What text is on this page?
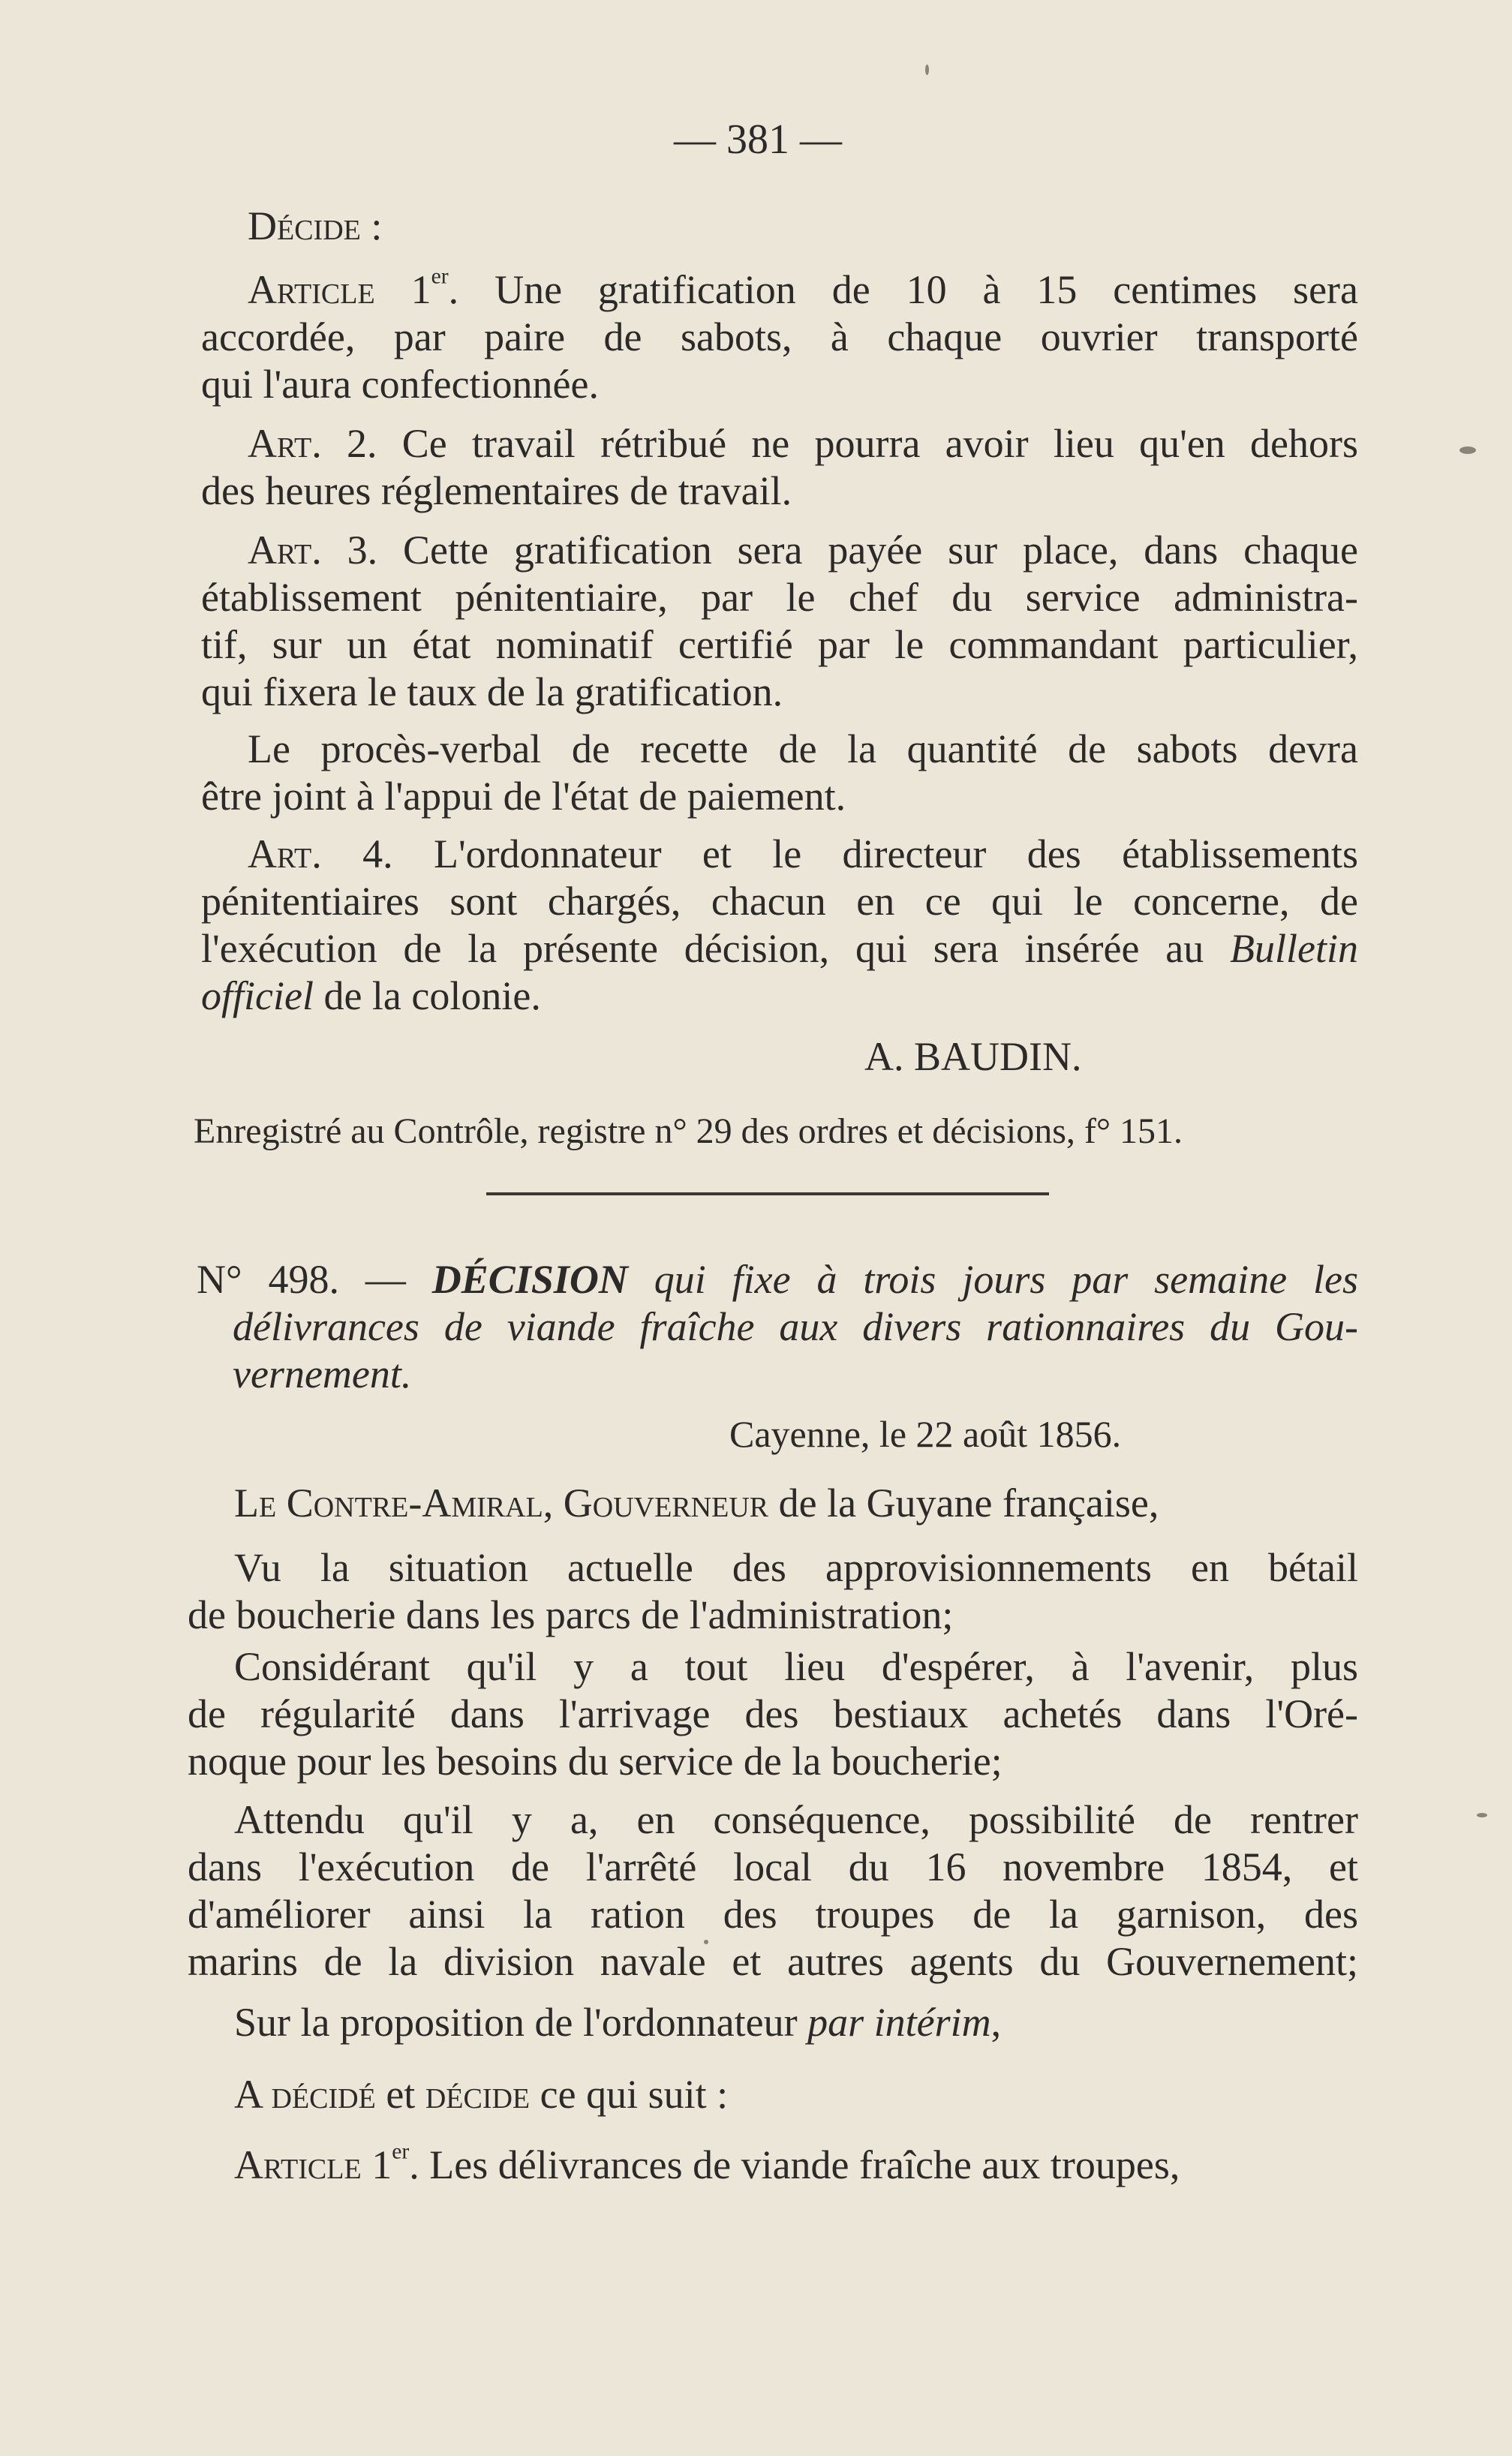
— 381 —
Décide :
Article 1er. Une gratification de 10 à 15 centimes sera
accordée, par paire de sabots, à chaque ouvrier transporté
qui l'aura confectionnée.
Art. 2. Ce travail rétribué ne pourra avoir lieu qu'en dehors
des heures réglementaires de travail.
Art. 3. Cette gratification sera payée sur place, dans chaque
établissement pénitentiaire, par le chef du service administra-
tif, sur un état nominatif certifié par le commandant particulier,
qui fixera le taux de la gratification.
Le procès-verbal de recette de la quantité de sabots devra
être joint à l'appui de l'état de paiement.
Art. 4. L'ordonnateur et le directeur des établissements
pénitentiaires sont chargés, chacun en ce qui le concerne, de
l'exécution de la présente décision, qui sera insérée au Bulletin
officiel de la colonie.
A. BAUDIN.
Enregistré au Contrôle, registre n° 29 des ordres et décisions, f° 151.
N° 498. — DÉCISION qui fixe à trois jours par semaine les
délivrances de viande fraîche aux divers rationnaires du Gou-
vernement.
Cayenne, le 22 août 1856.
Le Contre-Amiral, Gouverneur de la Guyane française,
Vu la situation actuelle des approvisionnements en bétail
de boucherie dans les parcs de l'administration;
Considérant qu'il y a tout lieu d'espérer, à l'avenir, plus
de régularité dans l'arrivage des bestiaux achetés dans l'Oré-
noque pour les besoins du service de la boucherie;
Attendu qu'il y a, en conséquence, possibilité de rentrer
dans l'exécution de l'arrêté local du 16 novembre 1854, et
d'améliorer ainsi la ration des troupes de la garnison, des
marins de la division navale et autres agents du Gouvernement;
Sur la proposition de l'ordonnateur par intérim,
A décidé et décide ce qui suit :
Article 1er. Les délivrances de viande fraîche aux troupes,
